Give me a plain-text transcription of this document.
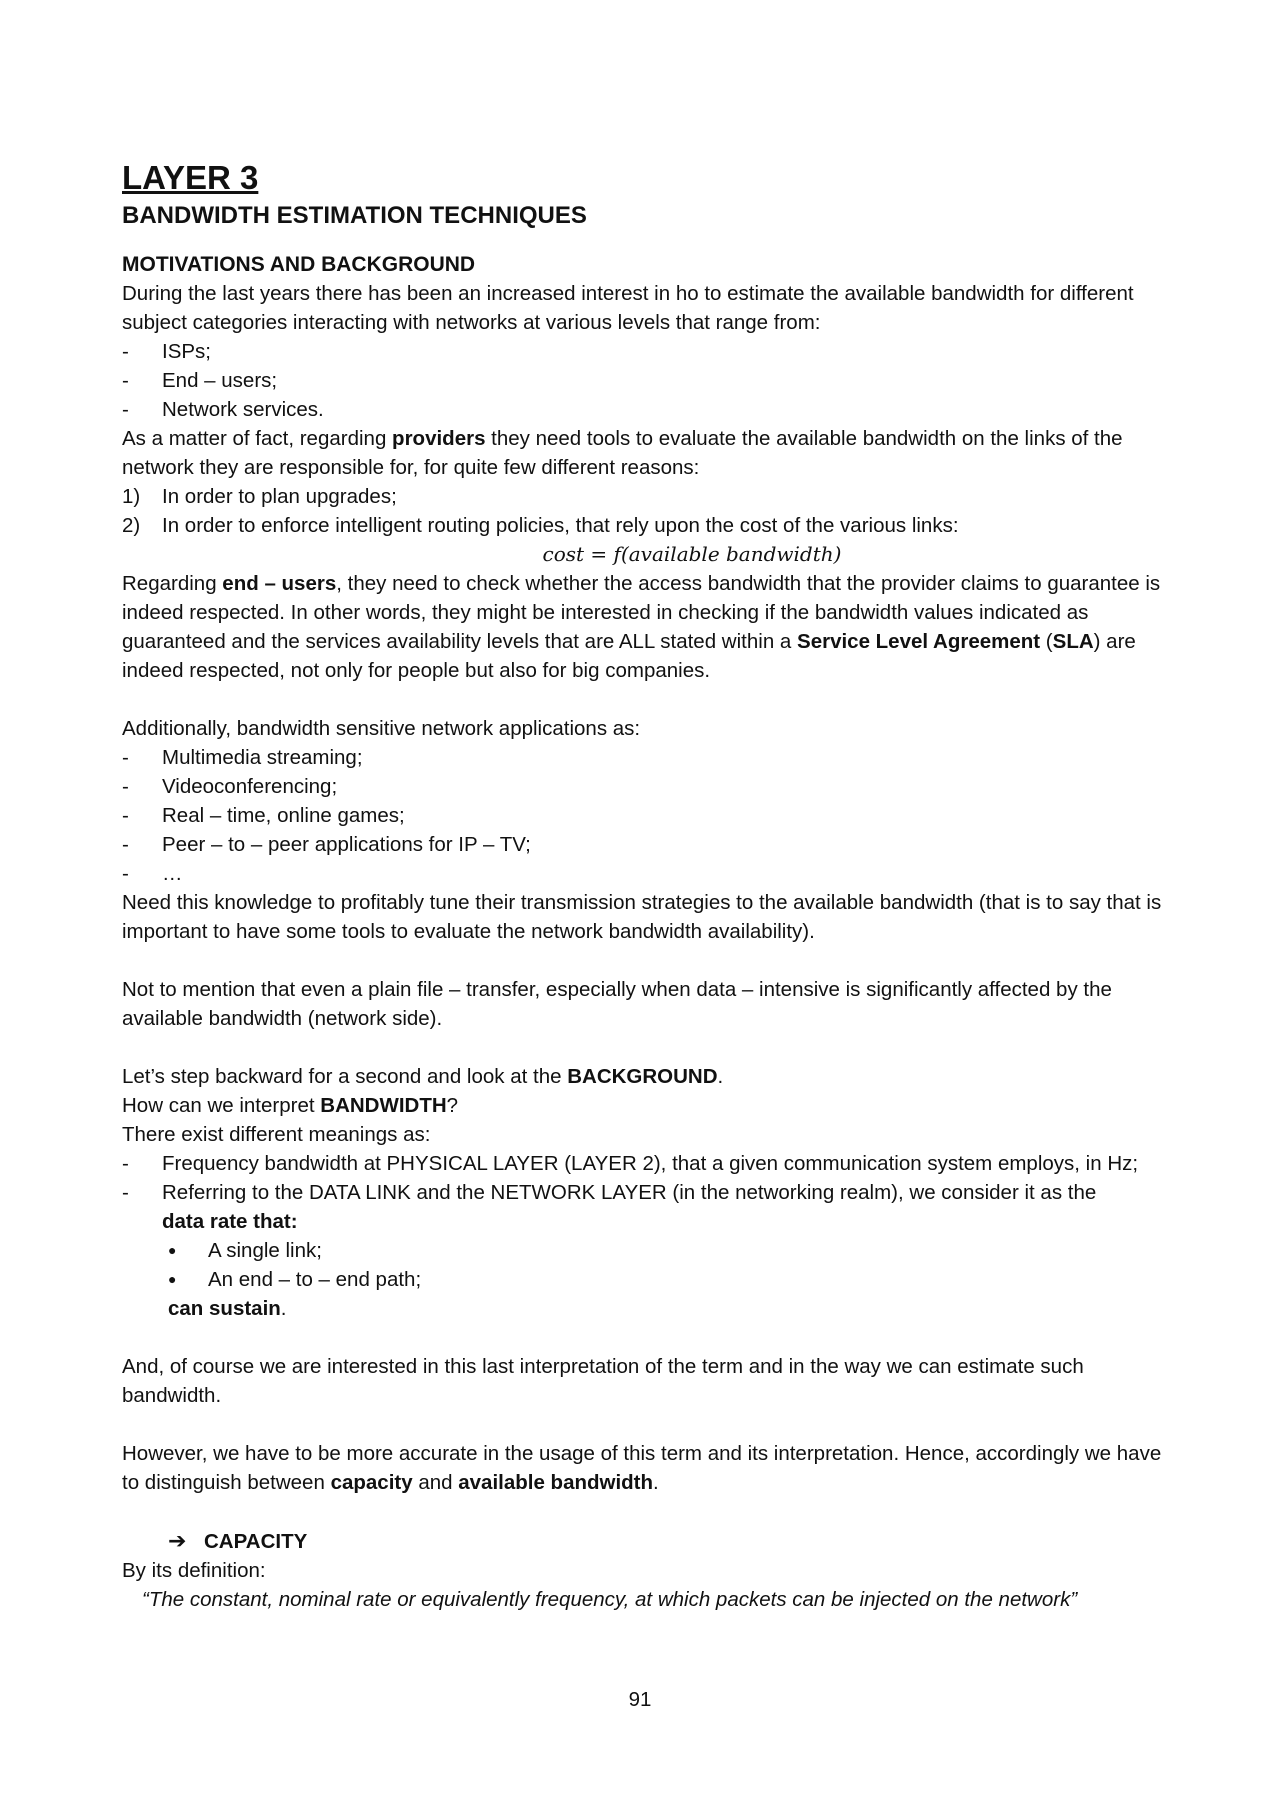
LAYER 3
BANDWIDTH ESTIMATION TECHNIQUES
MOTIVATIONS AND BACKGROUND

During the last years there has been an increased interest in ho to estimate the available bandwidth for different subject categories interacting with networks at various levels that range from:

- ISPs;
- End – users;
- Network services.

As a matter of fact, regarding providers they need tools to evaluate the available bandwidth on the links of the network they are responsible for, for quite few different reasons:

1) In order to plan upgrades;
2) In order to enforce intelligent routing policies, that rely upon the cost of the various links:
cost = f(available bandwidth)

Regarding end – users, they need to check whether the access bandwidth that the provider claims to guarantee is indeed respected. In other words, they might be interested in checking if the bandwidth values indicated as guaranteed and the services availability levels that are ALL stated within a Service Level Agreement (SLA) are indeed respected, not only for people but also for big companies.

Additionally, bandwidth sensitive network applications as:

- Multimedia streaming;
- Videoconferencing;
- Real – time, online games;
- Peer – to – peer applications for IP – TV;
- …

Need this knowledge to profitably tune their transmission strategies to the available bandwidth (that is to say that is important to have some tools to evaluate the network bandwidth availability).

Not to mention that even a plain file – transfer, especially when data – intensive is significantly affected by the available bandwidth (network side).

Let’s step backward for a second and look at the BACKGROUND.

How can we interpret BANDWIDTH?

There exist different meanings as:

- Frequency bandwidth at PHYSICAL LAYER (LAYER 2), that a given communication system employs, in Hz;
- Referring to the DATA LINK and the NETWORK LAYER (in the networking realm), we consider it as the
data rate that:
● A single link;
● An end – to – end path;
can sustain.

And, of course we are interested in this last interpretation of the term and in the way we can estimate such bandwidth.

However, we have to be more accurate in the usage of this term and its interpretation. Hence, accordingly we have to distinguish between capacity and available bandwidth.

➔ CAPACITY

By its definition:

“The constant, nominal rate or equivalently frequency, at which packets can be injected on the network”

91
